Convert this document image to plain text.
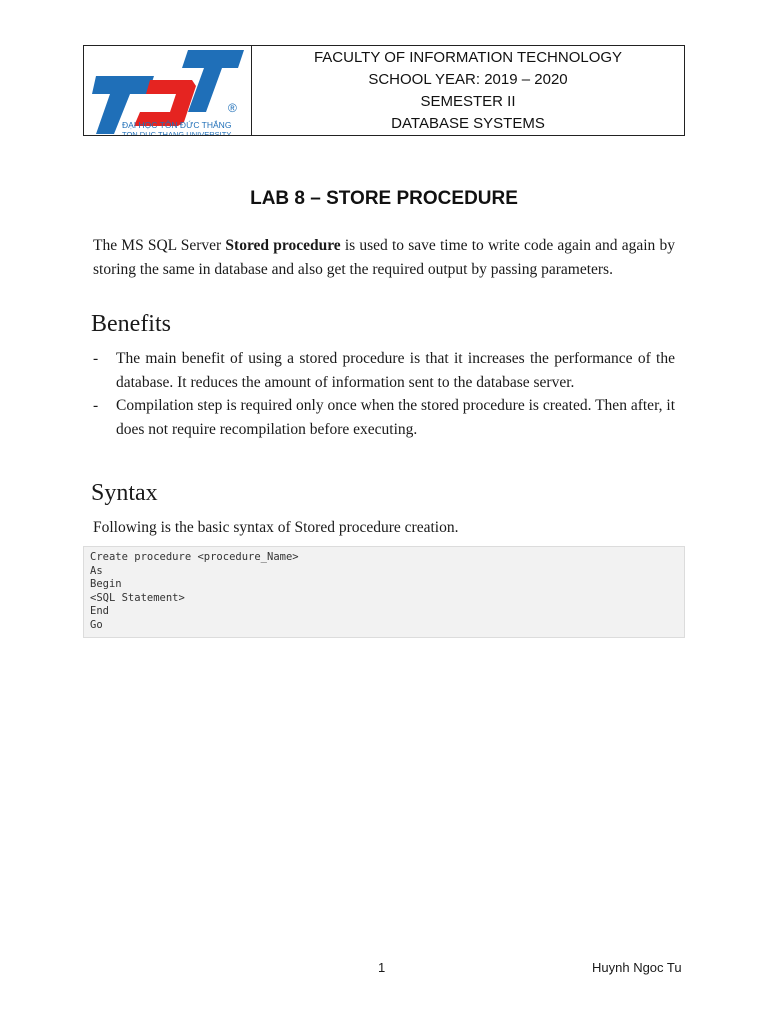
®
ĐẠI HỌC TÔN ĐỨC THẮNG
TON DUC THANG UNIVERSITY
FACULTY OF INFORMATION TECHNOLOGY
SCHOOL YEAR: 2019 – 2020
SEMESTER II
DATABASE SYSTEMS
LAB 8 – STORE PROCEDURE

The MS SQL Server Stored procedure is used to save time to write code again and again by storing the same in database and also get the required output by passing parameters.

Benefits
- The main benefit of using a stored procedure is that it increases the performance of the database. It reduces the amount of information sent to the database server.
- Compilation step is required only once when the stored procedure is created. Then after, it does not require recompilation before executing.
Syntax
Following is the basic syntax of Stored procedure creation.
Create procedure <procedure_Name>
As
Begin
<SQL Statement>
End
Go
1	Huynh Ngoc Tu
